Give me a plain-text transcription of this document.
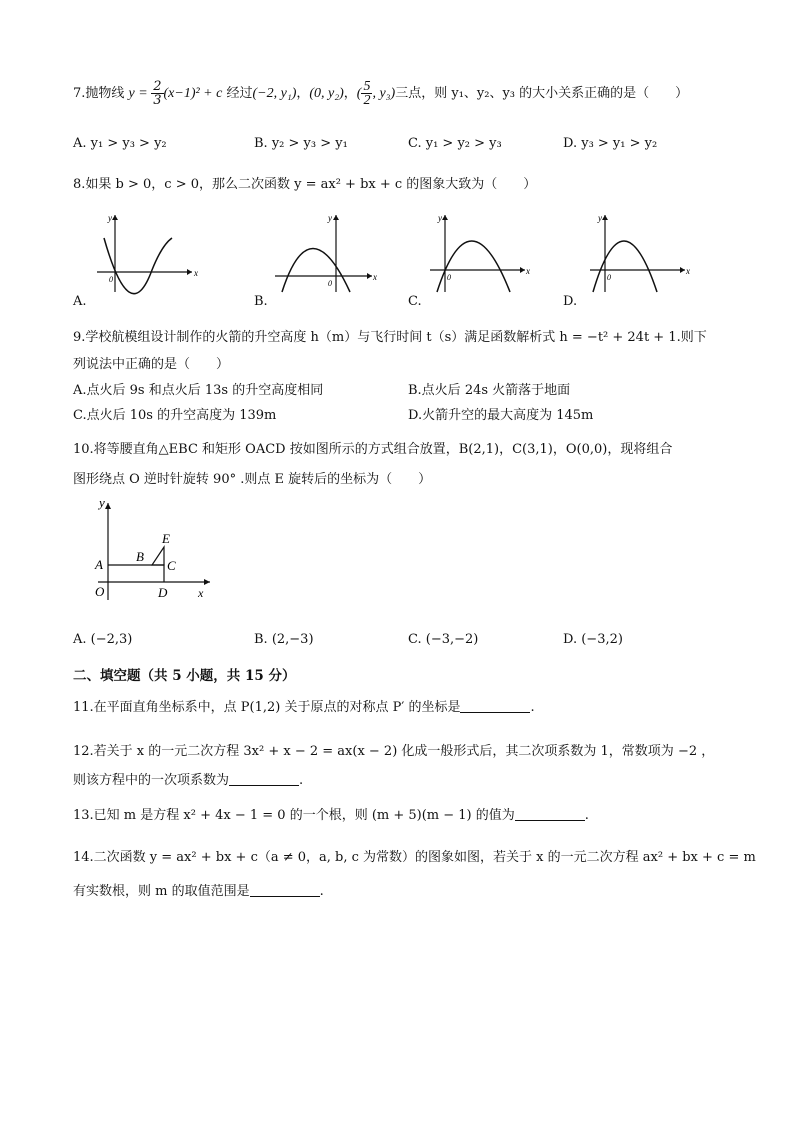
7.抛物线 $y = \frac{2}{3} (x-1)^2 + c$ 经过(−2, y₁)，(0, y₂)，( $\frac{5}{2}$ , y₃)三点，则 y₁、y₂、y₃ 的大小关系正确的是（　　）
A. y₁ > y₃ > y₂	B. y₂ > y₃ > y₁	C. y₁ > y₂ > y₃	D. y₃ > y₁ > y₂
8.如果 b > 0，c > 0，那么二次函数 y = ax² + bx + c 的图象大致为（　　）
y
x
0
y
x
0
y
x
0
y
x
0
A.	B.	C.	D.
9.学校航模组设计制作的火箭的升空高度 h（m）与飞行时间 t（s）满足函数解析式 h = −t² + 24t + 1.则下
列说法中正确的是（　　）
A.点火后 9s 和点火后 13s 的升空高度相同	B.点火后 24s 火箭落于地面
C.点火后 10s 的升空高度为 139m	D.火箭升空的最大高度为 145m
10.将等腰直角△EBC 和矩形 OACD 按如图所示的方式组合放置，B(2,1)，C(3,1)，O(0,0)，现将组合
图形绕点 O 逆时针旋转 90° .则点 E 旋转后的坐标为（　　）
y
x
O
A
B
C
D
E
A. (−2,3)	B. (2,−3)	C. (−3,−2)	D. (−3,2)
二、填空题（共 5 小题，共 15 分）
11.在平面直角坐标系中，点 P(1,2) 关于原点的对称点 P′ 的坐标是	.
12.若关于 x 的一元二次方程 3x² + x − 2 = ax(x − 2) 化成一般形式后，其二次项系数为 1，常数项为 −2 ，
则该方程中的一次项系数为	.
13.已知 m 是方程 x² + 4x − 1 = 0 的一个根，则 (m + 5)(m − 1) 的值为	.
14.二次函数 y = ax² + bx + c（a ≠ 0，a, b, c 为常数）的图象如图，若关于 x 的一元二次方程 ax² + bx + c = m
有实数根，则 m 的取值范围是	.
